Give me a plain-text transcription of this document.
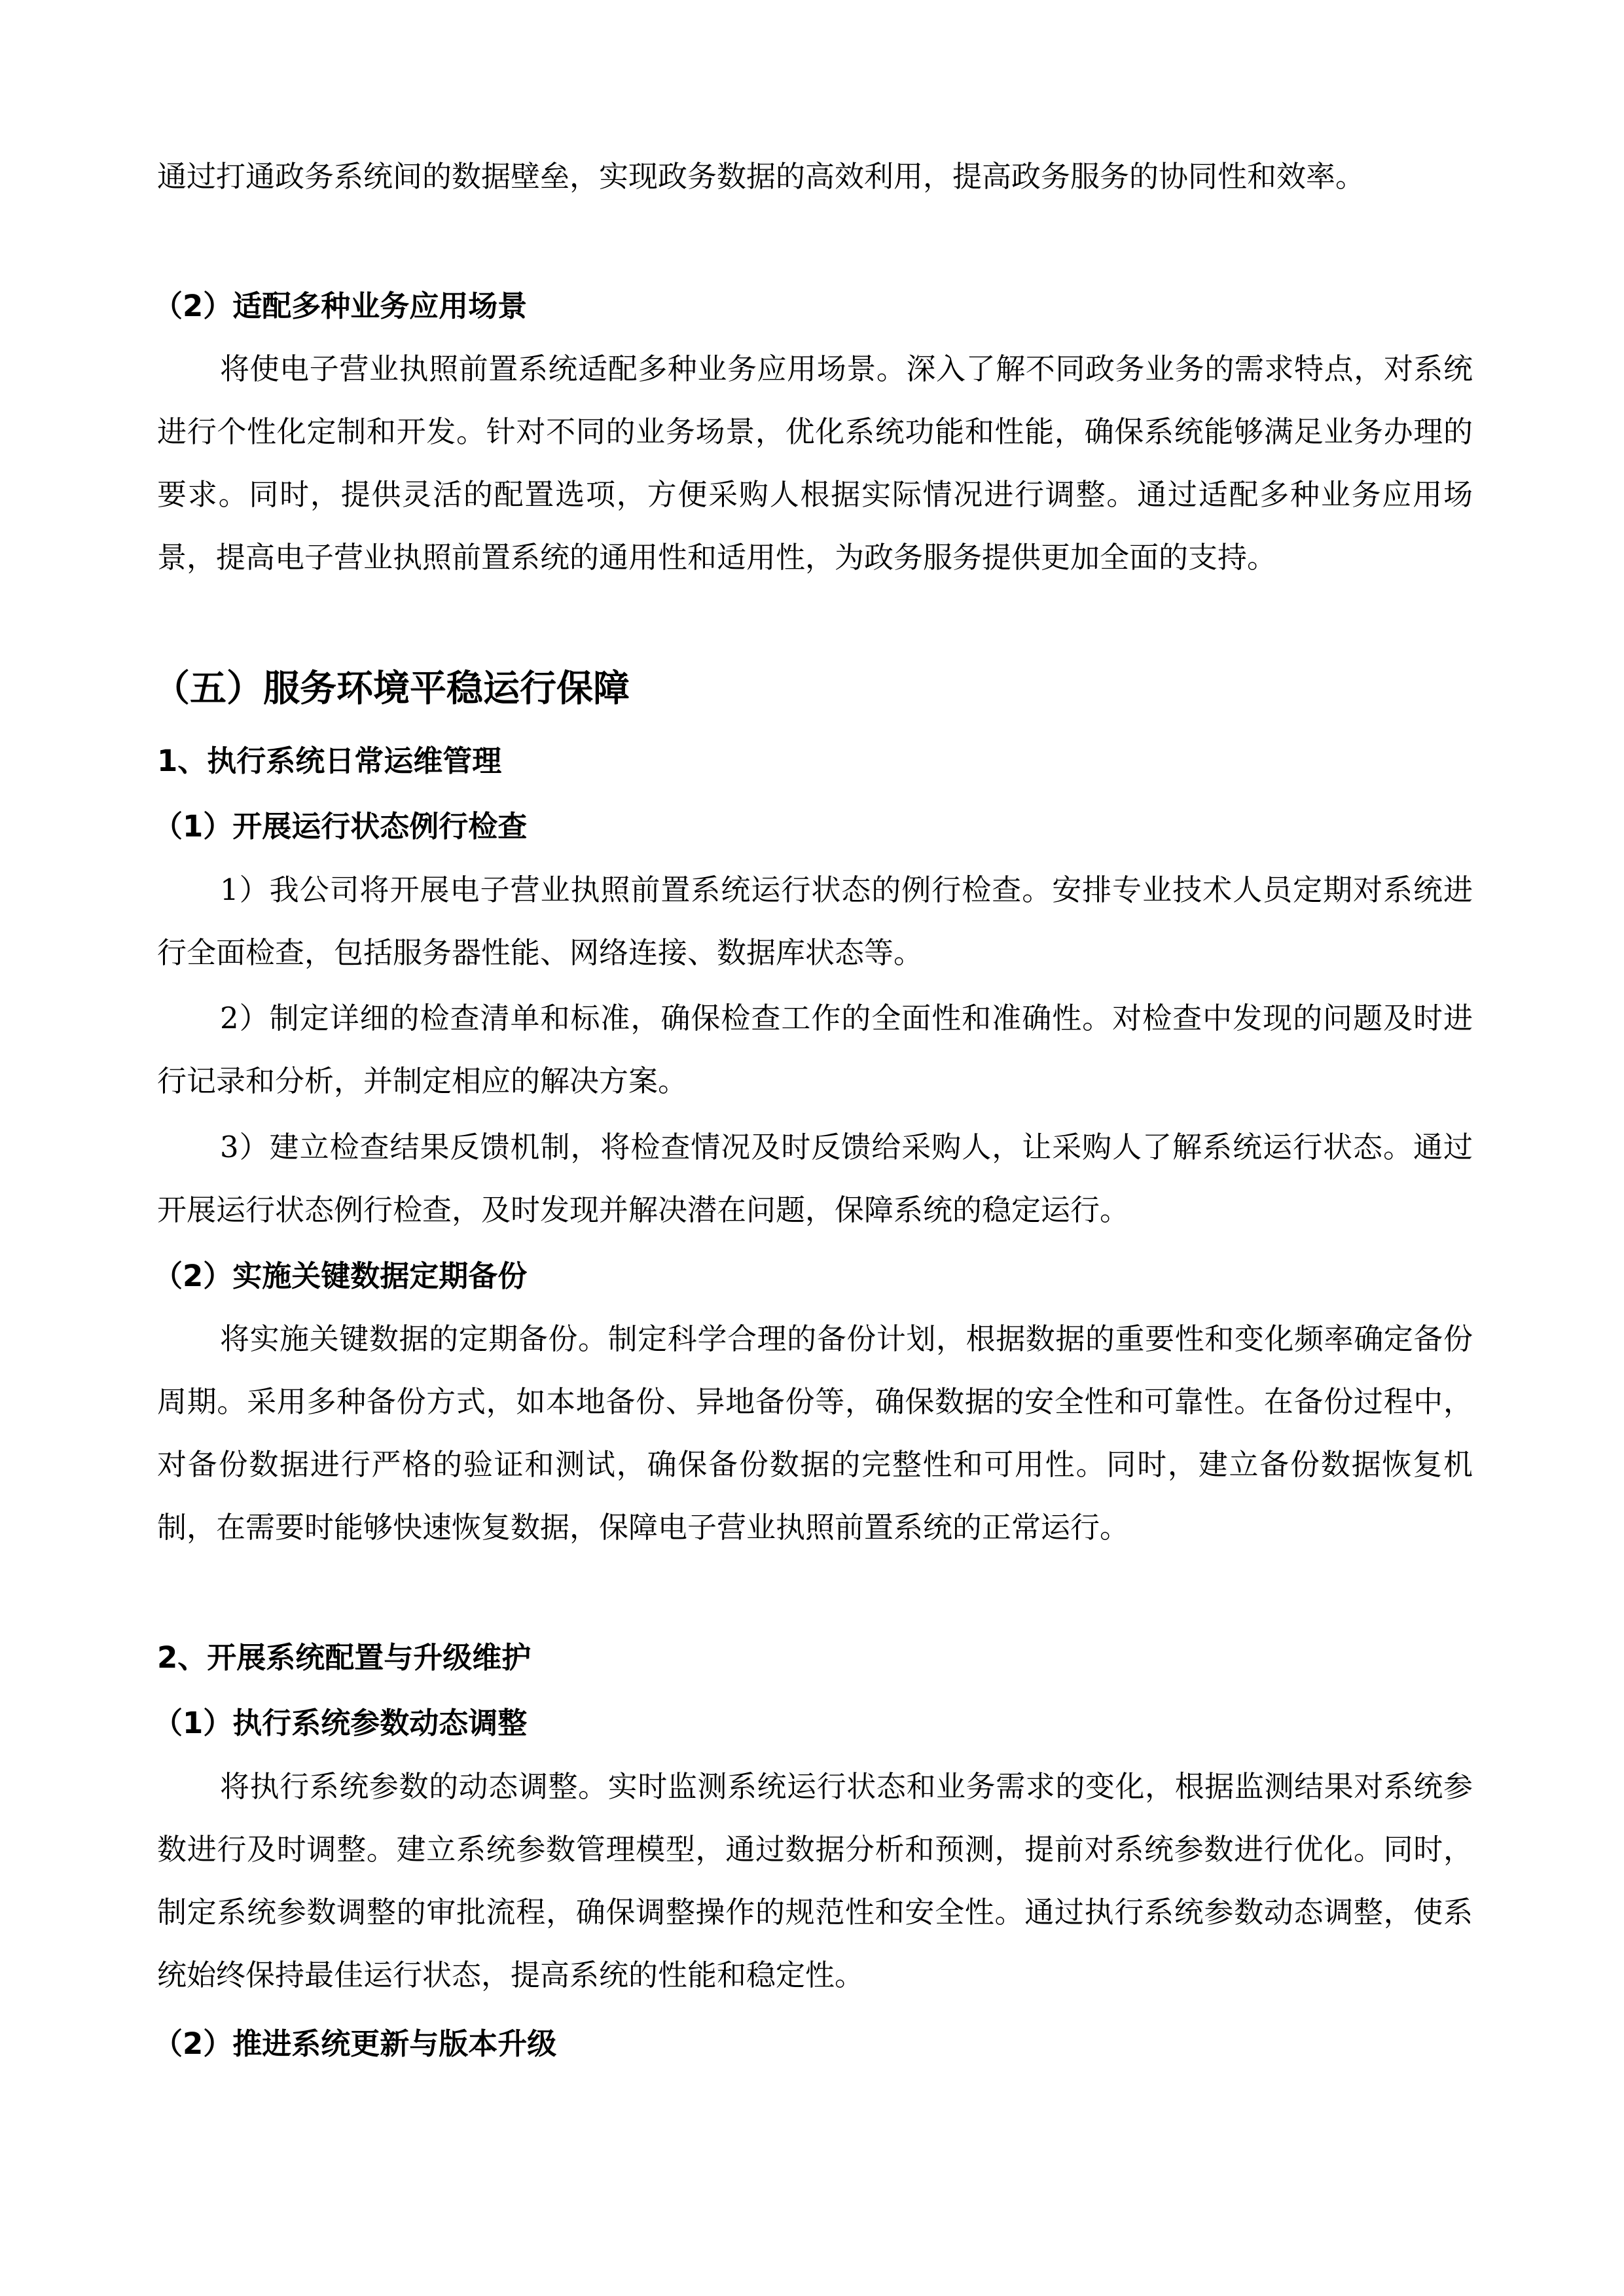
通过打通政务系统间的数据壁垒，实现政务数据的高效利用，提高政务服务的协同性和效率。

（2）适配多种业务应用场景

将使电子营业执照前置系统适配多种业务应用场景。深入了解不同政务业务的需求特点，对系统进行个性化定制和开发。针对不同的业务场景，优化系统功能和性能，确保系统能够满足业务办理的要求。同时，提供灵活的配置选项，方便采购人根据实际情况进行调整。通过适配多种业务应用场景，提高电子营业执照前置系统的通用性和适用性，为政务服务提供更加全面的支持。

（五）服务环境平稳运行保障

1、执行系统日常运维管理

（1）开展运行状态例行检查

1）我公司将开展电子营业执照前置系统运行状态的例行检查。安排专业技术人员定期对系统进行全面检查，包括服务器性能、网络连接、数据库状态等。

2）制定详细的检查清单和标准，确保检查工作的全面性和准确性。对检查中发现的问题及时进行记录和分析，并制定相应的解决方案。

3）建立检查结果反馈机制，将检查情况及时反馈给采购人，让采购人了解系统运行状态。通过开展运行状态例行检查，及时发现并解决潜在问题，保障系统的稳定运行。

（2）实施关键数据定期备份

将实施关键数据的定期备份。制定科学合理的备份计划，根据数据的重要性和变化频率确定备份周期。采用多种备份方式，如本地备份、异地备份等，确保数据的安全性和可靠性。在备份过程中，对备份数据进行严格的验证和测试，确保备份数据的完整性和可用性。同时，建立备份数据恢复机制，在需要时能够快速恢复数据，保障电子营业执照前置系统的正常运行。

2、开展系统配置与升级维护

（1）执行系统参数动态调整

将执行系统参数的动态调整。实时监测系统运行状态和业务需求的变化，根据监测结果对系统参数进行及时调整。建立系统参数管理模型，通过数据分析和预测，提前对系统参数进行优化。同时，制定系统参数调整的审批流程，确保调整操作的规范性和安全性。通过执行系统参数动态调整，使系统始终保持最佳运行状态，提高系统的性能和稳定性。

（2）推进系统更新与版本升级
